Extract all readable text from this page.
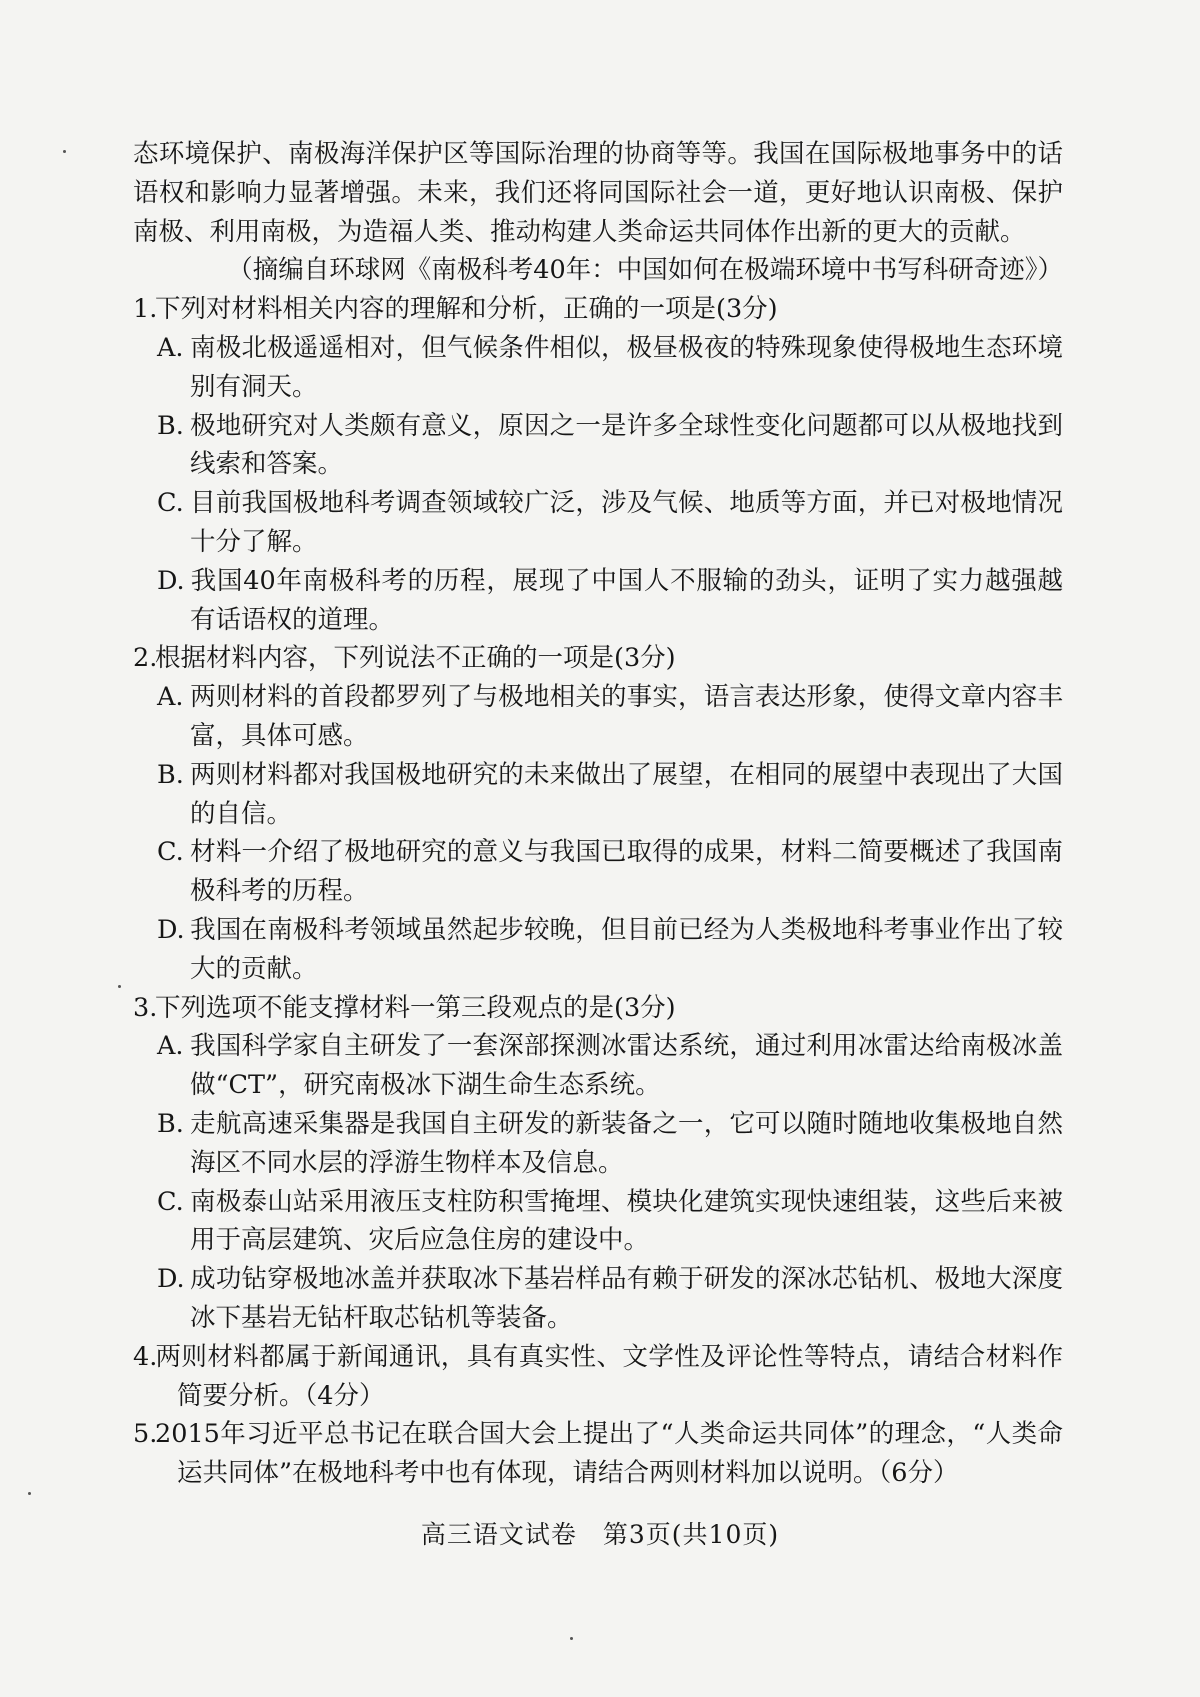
态环境保护、南极海洋保护区等国际治理的协商等等。我国在国际极地事务中的话语权和影响力显著增强。未来，我们还将同国际社会一道，更好地认识南极、保护南极、利用南极，为造福人类、推动构建人类命运共同体作出新的更大的贡献。

（摘编自环球网《南极科考40年：中国如何在极端环境中书写科研奇迹》）

1.下列对材料相关内容的理解和分析，正确的一项是(3分)

A. 南极北极遥遥相对，但气候条件相似，极昼极夜的特殊现象使得极地生态环境别有洞天。

B. 极地研究对人类颇有意义，原因之一是许多全球性变化问题都可以从极地找到线索和答案。

C. 目前我国极地科考调查领域较广泛，涉及气候、地质等方面，并已对极地情况十分了解。

D. 我国40年南极科考的历程，展现了中国人不服输的劲头，证明了实力越强越有话语权的道理。

2.根据材料内容，下列说法不正确的一项是(3分)

A. 两则材料的首段都罗列了与极地相关的事实，语言表达形象，使得文章内容丰富，具体可感。

B. 两则材料都对我国极地研究的未来做出了展望，在相同的展望中表现出了大国的自信。

C. 材料一介绍了极地研究的意义与我国已取得的成果，材料二简要概述了我国南极科考的历程。

D. 我国在南极科考领域虽然起步较晚，但目前已经为人类极地科考事业作出了较大的贡献。

3.下列选项不能支撑材料一第三段观点的是(3分)

A. 我国科学家自主研发了一套深部探测冰雷达系统，通过利用冰雷达给南极冰盖做“CT”，研究南极冰下湖生命生态系统。

B. 走航高速采集器是我国自主研发的新装备之一，它可以随时随地收集极地自然海区不同水层的浮游生物样本及信息。

C. 南极泰山站采用液压支柱防积雪掩埋、模块化建筑实现快速组装，这些后来被用于高层建筑、灾后应急住房的建设中。

D. 成功钻穿极地冰盖并获取冰下基岩样品有赖于研发的深冰芯钻机、极地大深度冰下基岩无钻杆取芯钻机等装备。

4.两则材料都属于新闻通讯，具有真实性、文学性及评论性等特点，请结合材料作简要分析。（4分）

5.2015年习近平总书记在联合国大会上提出了“人类命运共同体”的理念，“人类命运共同体”在极地科考中也有体现，请结合两则材料加以说明。（6分）

高三语文试卷　第3页(共10页)
